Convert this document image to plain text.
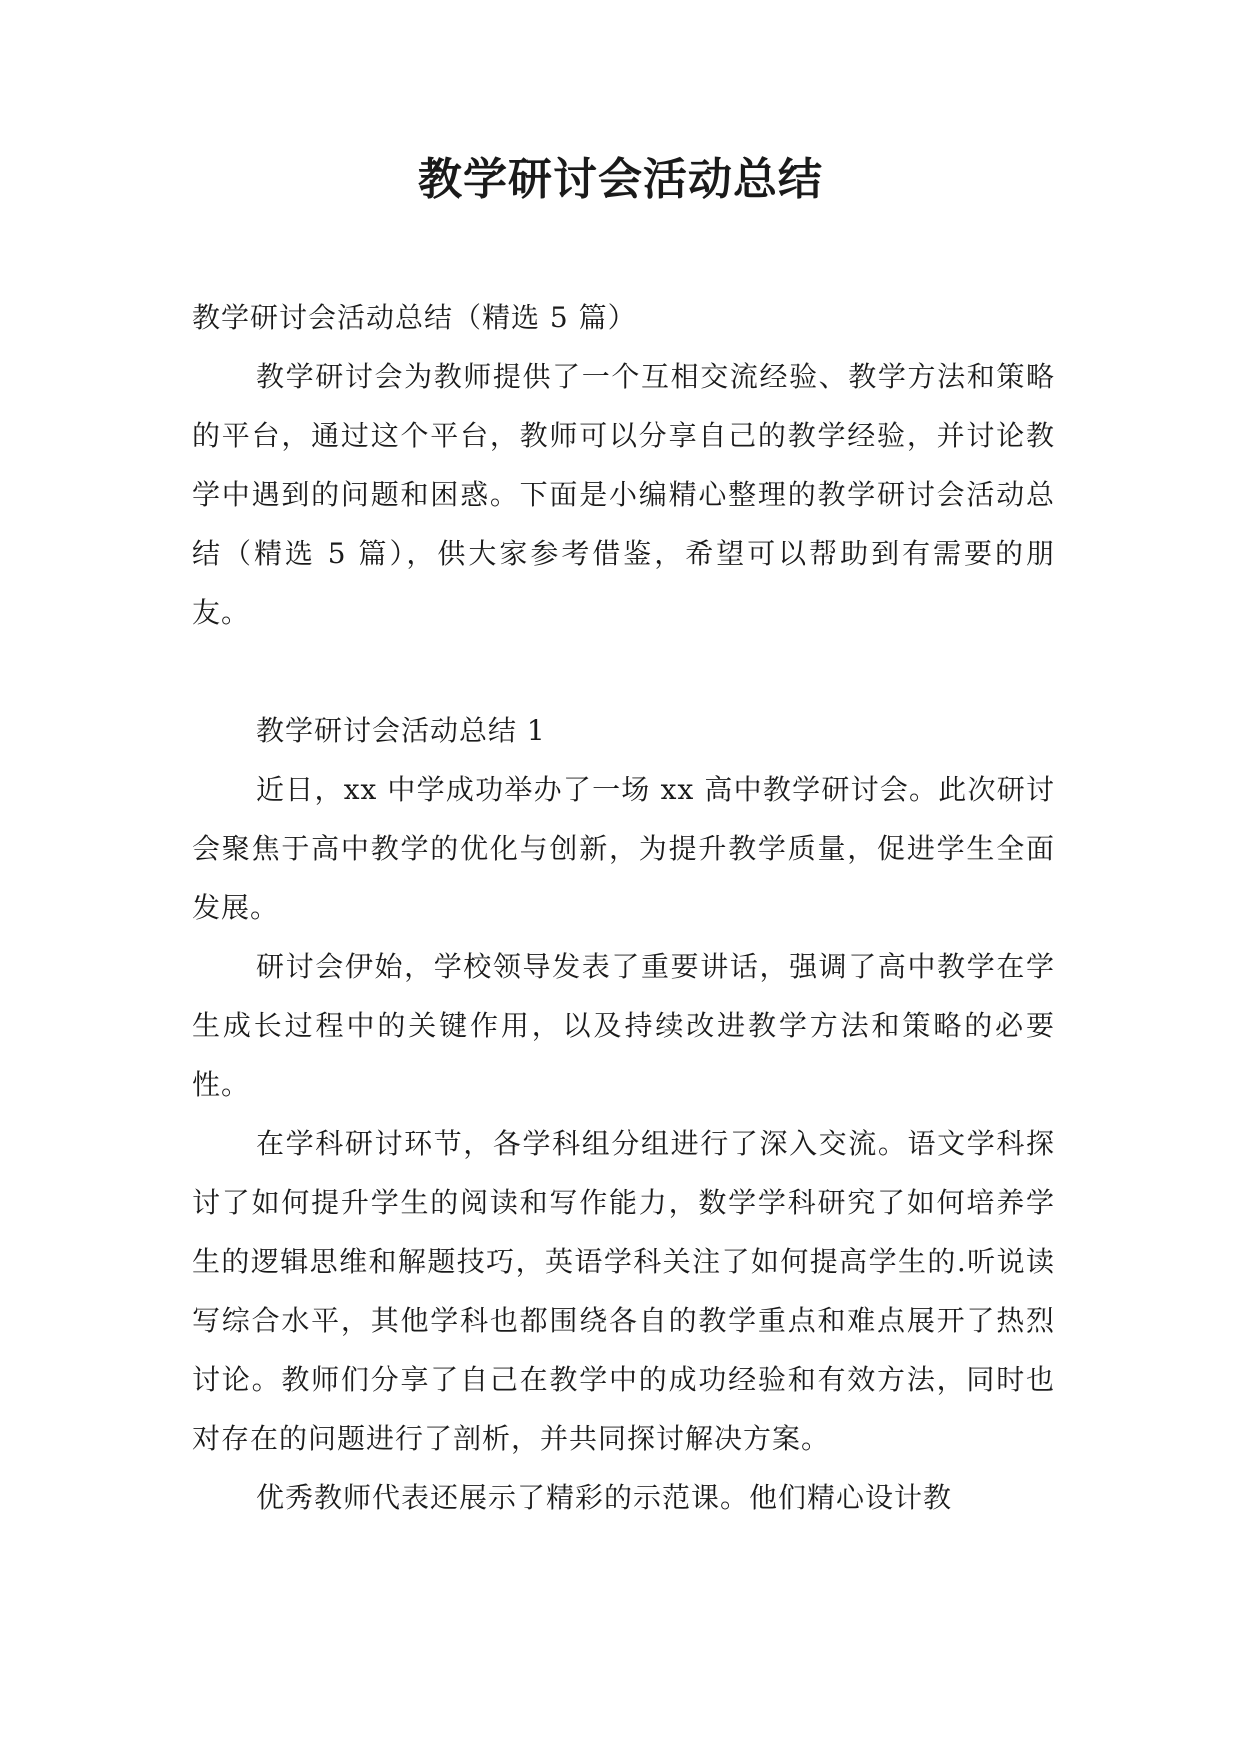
教学研讨会活动总结

教学研讨会活动总结（精选 5 篇）

教学研讨会为教师提供了一个互相交流经验、教学方法和策略的平台，通过这个平台，教师可以分享自己的教学经验，并讨论教学中遇到的问题和困惑。下面是小编精心整理的教学研讨会活动总结（精选 5 篇），供大家参考借鉴，希望可以帮助到有需要的朋友。

教学研讨会活动总结 1

近日，xx 中学成功举办了一场 xx 高中教学研讨会。此次研讨会聚焦于高中教学的优化与创新，为提升教学质量，促进学生全面发展。

研讨会伊始，学校领导发表了重要讲话，强调了高中教学在学生成长过程中的关键作用，以及持续改进教学方法和策略的必要性。

在学科研讨环节，各学科组分组进行了深入交流。语文学科探讨了如何提升学生的阅读和写作能力，数学学科研究了如何培养学生的逻辑思维和解题技巧，英语学科关注了如何提高学生的.听说读写综合水平，其他学科也都围绕各自的教学重点和难点展开了热烈讨论。教师们分享了自己在教学中的成功经验和有效方法，同时也对存在的问题进行了剖析，并共同探讨解决方案。

优秀教师代表还展示了精彩的示范课。他们精心设计教
